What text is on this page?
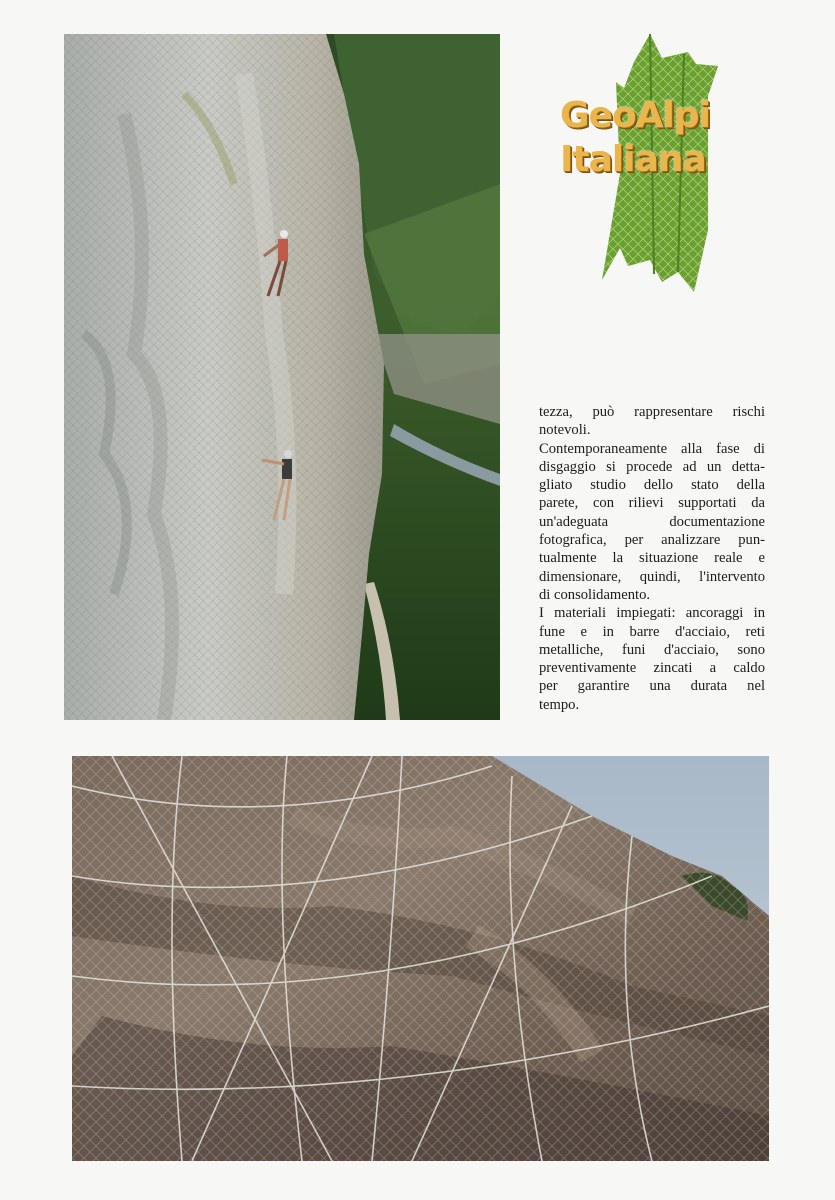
GeoAlpi
Italiana
tezza, può rappresentare rischi
notevoli.
Contemporaneamente alla fase di
disgaggio si procede ad un detta-
gliato studio dello stato della
parete, con rilievi supportati da
un'adeguata documentazione
fotografica, per analizzare pun-
tualmente la situazione reale e
dimensionare, quindi, l'intervento
di consolidamento.
I materiali impiegati: ancoraggi in
fune e in barre d'acciaio, reti
metalliche, funi d'acciaio, sono
preventivamente zincati a caldo
per garantire una durata nel
tempo.
